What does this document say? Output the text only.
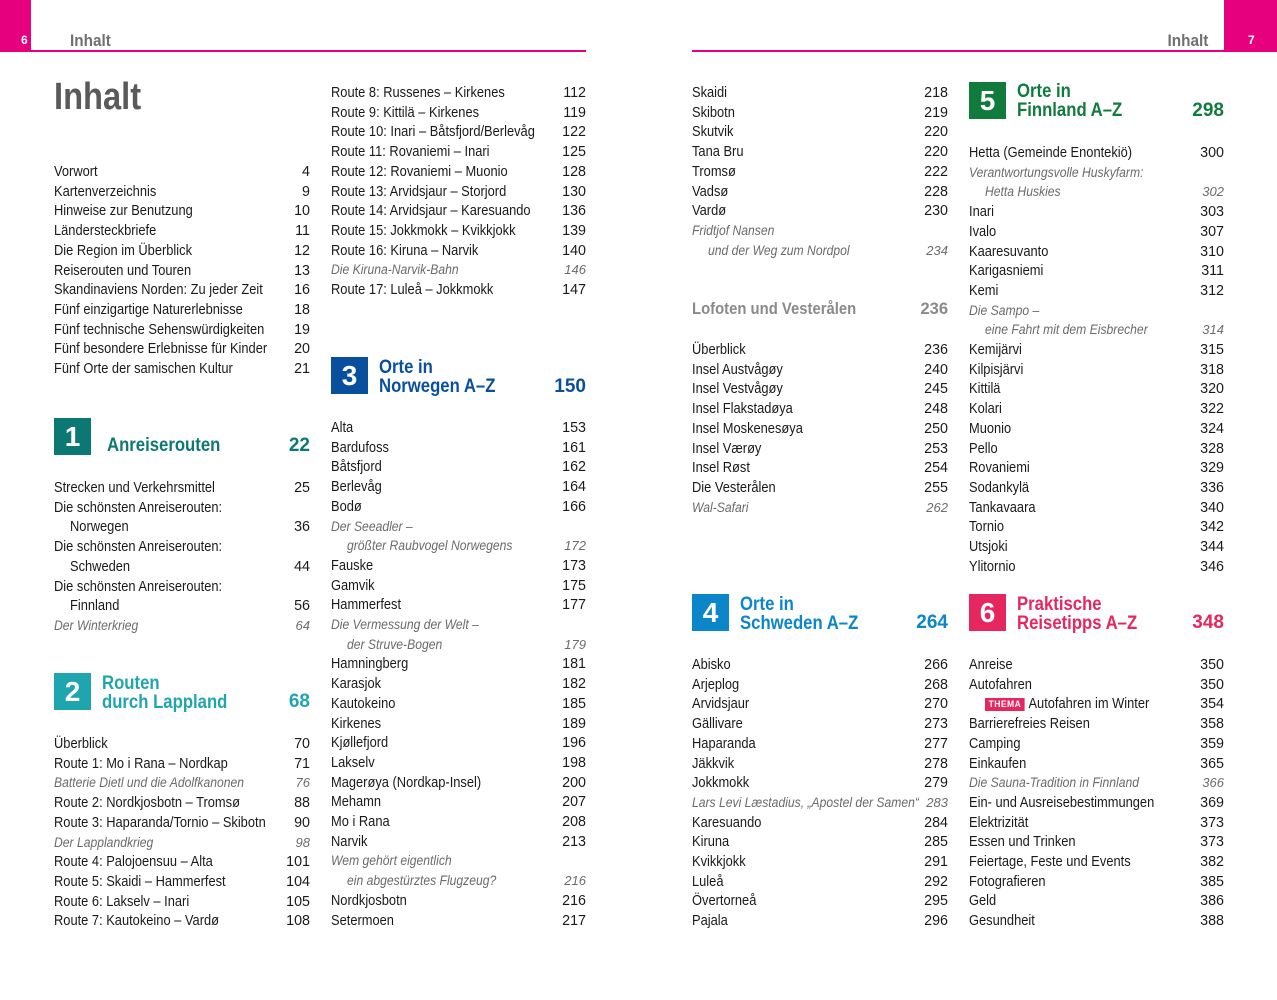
6 Inhalt	7
Inhalt
Inhalt
Vorwort	4
Kartenverzeichnis	9
Hinweise zur Benutzung	10
Ländersteckbriefe	11
Die Region im Überblick	12
Reiserouten und Touren	13
Skandinaviens Norden: Zu jeder Zeit 16
Fünf einzigartige Naturerlebnisse	18
Fünf technische Sehenswürdigkeiten 19
Fünf besondere Erlebnisse für Kinder 20
Fünf Orte der samischen Kultur	21
Strecken und Verkehrsmittel	25
Die schönsten Anreiserouten:
Norwegen	36
Die schönsten Anreiserouten:
Schweden	44
Die schönsten Anreiserouten:
Finnland	56
Der Winterkrieg	64
Überblick	70
Route 1: Mo i Rana – Nordkap	71
Batterie Dietl und die Adolfkanonen	76
Route 2: Nordkjosbotn – Tromsø	88
Route 3: Haparanda/Tornio – Skibotn 90
Der Lapplandkrieg	98
Route 4: Palojoensuu – Alta	101
Route 5: Skaidi – Hammerfest	104
Route 6: Lakselv – Inari	105
Route 7: Kautokeino – Vardø	108
Route 8: Russenes – Kirkenes	112
Route 9: Kittilä – Kirkenes	119
Route 10: Inari – Båtsfjord/Berlevåg 122
Route 11: Rovaniemi – Inari	125
Route 12: Rovaniemi – Muonio	128
Route 13: Arvidsjaur – Storjord	130
Route 14: Arvidsjaur – Karesuando 136
Route 15: Jokkmokk – Kvikkjokk	139
Route 16: Kiruna – Narvik	140
Die Kiruna-Narvik-Bahn	146
Route 17: Luleå – Jokkmokk	147
Alta	153
Bardufoss	161
Båtsfjord	162
Berlevåg	164
Bodø	166
Der Seeadler –
größter Raubvogel Norwegens	172
Fauske	173
Gamvik	175
Hammerfest	177
Die Vermessung der Welt –
der Struve-Bogen	179
Hamningberg	181
Karasjok	182
Kautokeino	185
Kirkenes	189
Kjøllefjord	196
Lakselv	198
Magerøya (Nordkap-Insel)	200
Mehamn	207
Mo i Rana	208
Narvik	213
Wem gehört eigentlich
ein abgestürztes Flugzeug?	216
Nordkjosbotn	216
Setermoen	217
Skaidi	218
Skibotn	219
Skutvik	220
Tana Bru	220
Tromsø	222
Vadsø	228
Vardø	230
Fridtjof Nansen
und der Weg zum Nordpol	234
Überblick	236
Insel Austvågøy	240
Insel Vestvågøy	245
Insel Flakstadøya	248
Insel Moskenesøya	250
Insel Værøy	253
Insel Røst	254
Die Vesterålen	255
Wal-Safari	262
Abisko	266
Arjeplog	268
Arvidsjaur	270
Gällivare	273
Haparanda	277
Jäkkvik	278
Jokkmokk	279
Lars Levi Læstadius, „Apostel der Samen“ 283
Karesuando	284
Kiruna	285
Kvikkjokk	291
Luleå	292
Övertorneå	295
Pajala	296
Lofoten und Vesterålen	236
Hetta (Gemeinde Enontekiö)	300
Verantwortungsvolle Huskyfarm:
Hetta Huskies	302
Inari	303
Ivalo	307
Kaaresuvanto	310
Karigasniemi	311
Kemi	312
Die Sampo –
eine Fahrt mit dem Eisbrecher	314
Kemijärvi	315
Kilpisjärvi	318
Kittilä	320
Kolari	322
Muonio	324
Pello	328
Rovaniemi	329
Sodankylä	336
Tankavaara	340
Tornio	342
Utsjoki	344
Ylitornio	346
Anreise	350
Autofahren	350
THEMA Autofahren im Winter	354
Barrierefreies Reisen	358
Camping	359
Einkaufen	365
Die Sauna-Tradition in Finnland	366
Ein- und Ausreisebestimmungen	369
Elektrizität	373
Essen und Trinken	373
Feiertage, Feste und Events	382
Fotografieren	385
Geld	386
Gesundheit	388
1	Anreiserouten	22
2	Routen
durch Lappland	68
3	Orte in
Norwegen A–Z	150
4	Orte in
Schweden A–Z	264
5	Orte in
Finnland A–Z	298
6	Praktische
Reisetipps A–Z	348
